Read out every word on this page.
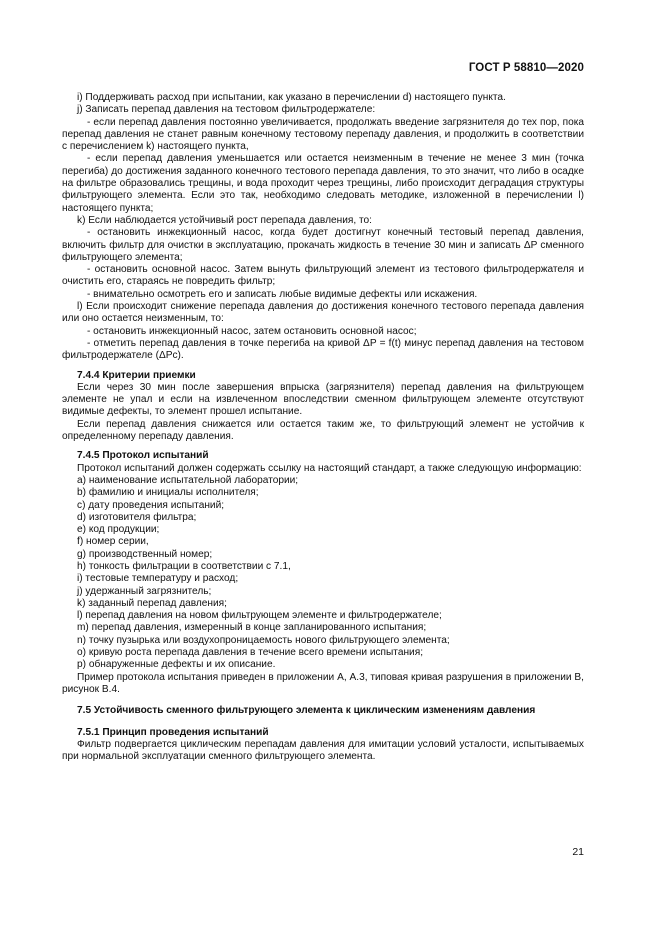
ГОСТ Р 58810—2020

i) Поддерживать расход при испытании, как указано в перечислении d) настоящего пункта.

j) Записать перепад давления на тестовом фильтродержателе:

- если перепад давления постоянно увеличивается, продолжать введение загрязнителя до тех пор, пока перепад давления не станет равным конечному тестовому перепаду давления, и продолжить в соответствии с перечислением k) настоящего пункта,

- если перепад давления уменьшается или остается неизменным в течение не менее 3 мин (точка перегиба) до достижения заданного конечного тестового перепада давления, то это значит, что либо в осадке на фильтре образовались трещины, и вода проходит через трещины, либо происходит деградация структуры фильтрующего элемента. Если это так, необходимо следовать методике, изложенной в перечислении l) настоящего пункта;

k) Если наблюдается устойчивый рост перепада давления, то:

- остановить инжекционный насос, когда будет достигнут конечный тестовый перепад давления, включить фильтр для очистки в эксплуатацию, прокачать жидкость в течение 30 мин и записать ΔP сменного фильтрующего элемента;

- остановить основной насос. Затем вынуть фильтрующий элемент из тестового фильтродержателя и очистить его, стараясь не повредить фильтр;

- внимательно осмотреть его и записать любые видимые дефекты или искажения.

l) Если происходит снижение перепада давления до достижения конечного тестового перепада давления или оно остается неизменным, то:

- остановить инжекционный насос, затем остановить основной насос;

- отметить перепад давления в точке перегиба на кривой ΔP = f(t) минус перепад давления на тестовом фильтродержателе (ΔPc).

7.4.4 Критерии приемки

Если через 30 мин после завершения впрыска (загрязнителя) перепад давления на фильтрующем элементе не упал и если на извлеченном впоследствии сменном фильтрующем элементе отсутствуют видимые дефекты, то элемент прошел испытание.

Если перепад давления снижается или остается таким же, то фильтрующий элемент не устойчив к определенному перепаду давления.

7.4.5 Протокол испытаний

Протокол испытаний должен содержать ссылку на настоящий стандарт, а также следующую информацию:

a) наименование испытательной лаборатории;

b) фамилию и инициалы исполнителя;

c) дату проведения испытаний;

d) изготовителя фильтра;

e) код продукции;

f) номер серии,

g) производственный номер;

h) тонкость фильтрации в соответствии с 7.1,

i) тестовые температуру и расход;

j) удержанный загрязнитель;

k) заданный перепад давления;

l) перепад давления на новом фильтрующем элементе и фильтродержателе;

m) перепад давления, измеренный в конце запланированного испытания;

n) точку пузырька или воздухопроницаемость нового фильтрующего элемента;

o) кривую роста перепада давления в течение всего времени испытания;

p) обнаруженные дефекты и их описание.

Пример протокола испытания приведен в приложении А, А.3, типовая кривая разрушения в приложении В, рисунок В.4.

7.5 Устойчивость сменного фильтрующего элемента к циклическим изменениям давления

7.5.1 Принцип проведения испытаний

Фильтр подвергается циклическим перепадам давления для имитации условий усталости, испытываемых при нормальной эксплуатации сменного фильтрующего элемента.

21
